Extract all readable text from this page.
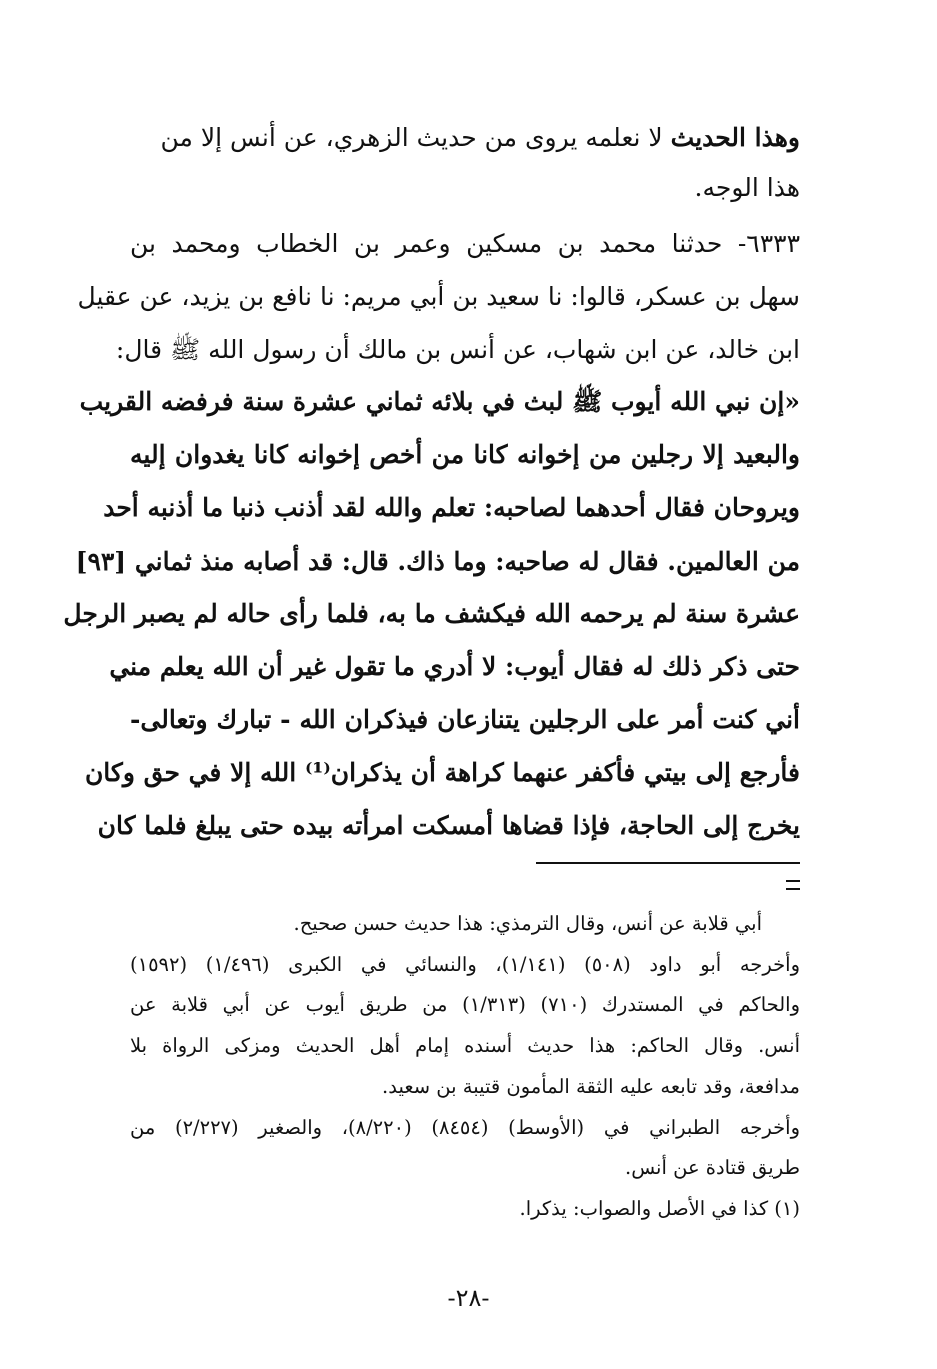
وهذا الحديث لا نعلمه يروى من حديث الزهري، عن أنس إلا من
هذا الوجه.
٦٣٣٣- حدثنا محمد بن مسكين وعمر بن الخطاب ومحمد بن
سهل بن عسكر، قالوا: نا سعيد بن أبي مريم: نا نافع بن يزيد، عن عقيل
ابن خالد، عن ابن شهاب، عن أنس بن مالك أن رسول الله ﷺ قال:
«إن نبي الله أيوب ﷺ لبث في بلائه ثماني عشرة سنة فرفضه القريب
والبعيد إلا رجلين من إخوانه كانا من أخص إخوانه كانا يغدوان إليه
ويروحان فقال أحدهما لصاحبه: تعلم والله لقد أذنب ذنبا ما أذنبه أحد
من العالمين. فقال له صاحبه: وما ذاك. قال: قد أصابه منذ ثماني [٩٣]
عشرة سنة لم يرحمه الله فيكشف ما به، فلما رأى حاله لم يصبر الرجل
حتى ذكر ذلك له فقال أيوب: لا أدري ما تقول غير أن الله يعلم مني
أني كنت أمر على الرجلين يتنازعان فيذكران الله - تبارك وتعالى-
فأرجع إلى بيتي فأكفر عنهما كراهة أن يذكران⁽¹⁾ الله إلا في حق وكان
يخرج إلى الحاجة، فإذا قضاها أمسكت امرأته بيده حتى يبلغ فلما كان
أبي قلابة عن أنس، وقال الترمذي: هذا حديث حسن صحيح.
وأخرجه أبو داود (٥٠٨) (١/١٤١)، والنسائي في الكبرى (١/٤٩٦) (١٥٩٢)
والحاكم في المستدرك (٧١٠) (١/٣١٣) من طريق أيوب عن أبي قلابة عن
أنس. وقال الحاكم: هذا حديث أسنده إمام أهل الحديث ومزكى الرواة بلا
مدافعة، وقد تابعه عليه الثقة المأمون قتيبة بن سعيد.
وأخرجه الطبراني في (الأوسط) (٨٤٥٤) (٨/٢٢٠)، والصغير (٢/٢٢٧) من
طريق قتادة عن أنس.
(١) كذا في الأصل والصواب: يذكرا.
-٢٨-
